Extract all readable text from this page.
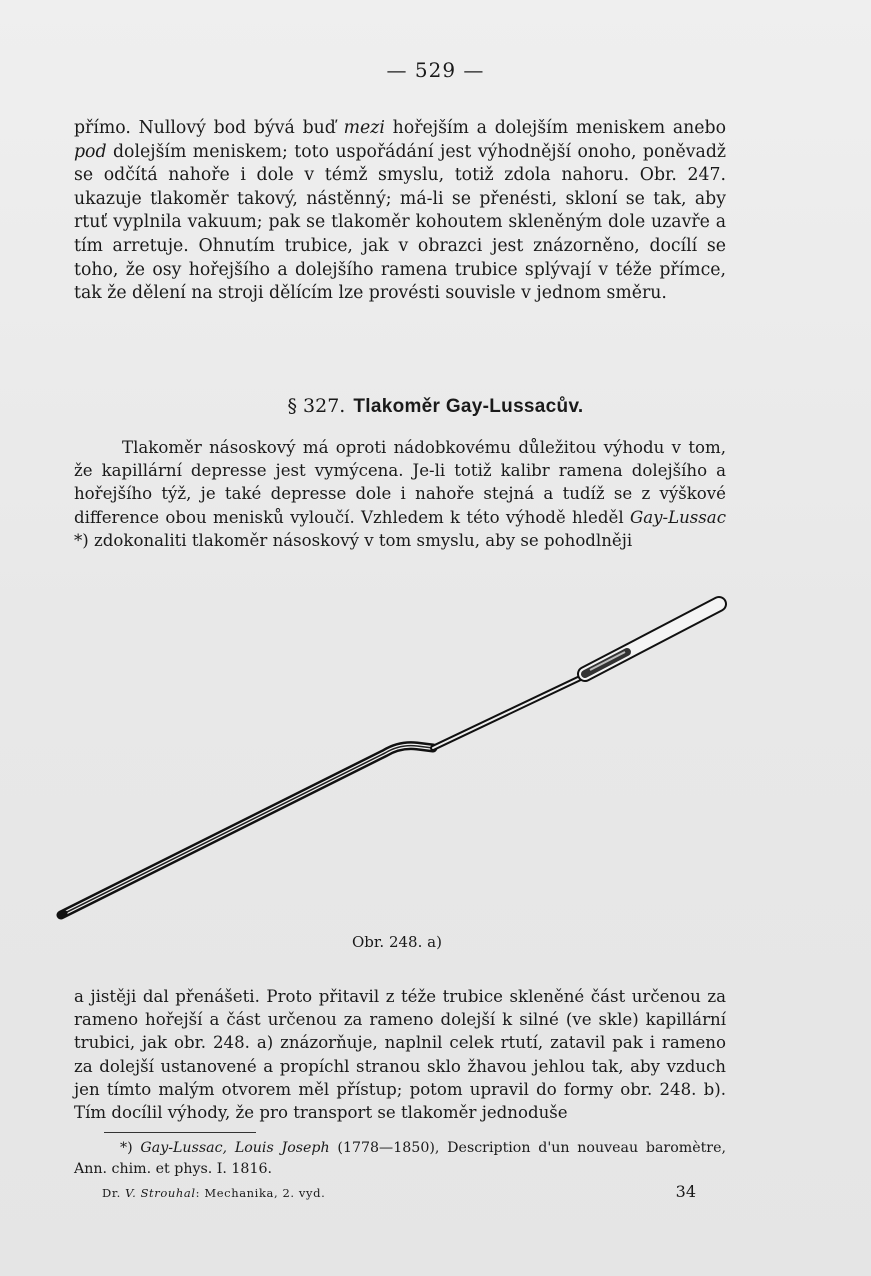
— 529 —

přímo. Nullový bod bývá buď mezi hořejším a dolejším meniskem anebo pod dolejším meniskem; toto uspořádání jest výhodnější onoho, poněvadž se odčítá nahoře i dole v témž smyslu, totiž zdola nahoru. Obr. 247. ukazuje tlakoměr takový, nástěnný; má-li se přenésti, skloní se tak, aby rtuť vyplnila vakuum; pak se tlakoměr kohoutem skleněným dole uzavře a tím arretuje. Ohnutím trubice, jak v obrazci jest znázorněno, docílí se toho, že osy hořejšího a dolejšího ramena trubice splývají v téže přímce, tak že dělení na stroji dělícím lze provésti souvisle v jednom směru.

§ 327. Tlakoměr Gay-Lussacův.

Tlakoměr násoskový má oproti nádobkovému důležitou výhodu v tom, že kapillární depresse jest vymýcena. Je-li totiž kalibr ramena dolejšího a hořejšího týž, je také depresse dole i nahoře stejná a tudíž se z výškové difference obou menisků vyloučí. Vzhledem k této výhodě hleděl Gay-Lussac *) zdokonaliti tlakoměr násoskový v tom smyslu, aby se pohodlněji

Obr. 248. a)
a jistěji dal přenášeti. Proto přitavil z téže trubice skleněné část určenou za rameno hořejší a část určenou za rameno dolejší k silné (ve skle) kapillární trubici, jak obr. 248. a) znázorňuje, naplnil celek rtutí, zatavil pak i rameno za dolejší ustanovené a propíchl stranou sklo žhavou jehlou tak, aby vzduch jen tímto malým otvorem měl přístup; potom upravil do formy obr. 248. b). Tím docílil výhody, že pro transport se tlakoměr jednoduše
*) Gay-Lussac, Louis Joseph (1778—1850), Description d'un nouveau baromètre, Ann. chim. et phys. I. 1816.
Dr. V. Strouhal: Mechanika, 2. vyd.	34
